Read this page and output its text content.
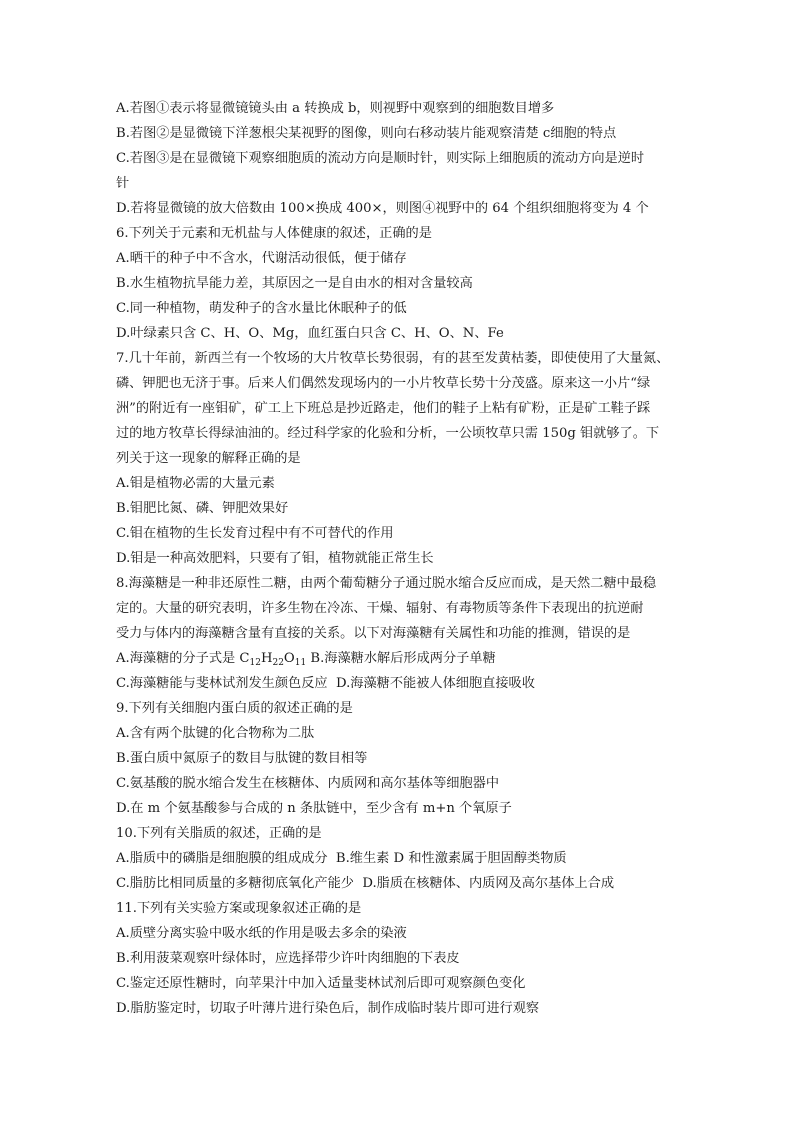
A.若图①表示将显微镜镜头由 a 转换成 b，则视野中观察到的细胞数目增多
B.若图②是显微镜下洋葱根尖某视野的图像，则向右移动装片能观察清楚 c细胞的特点
C.若图③是在显微镜下观察细胞质的流动方向是顺时针，则实际上细胞质的流动方向是逆时
针
D.若将显微镜的放大倍数由 100×换成 400×，则图④视野中的 64 个组织细胞将变为 4 个
6.下列关于元素和无机盐与人体健康的叙述，正确的是
A.晒干的种子中不含水，代谢活动很低，便于储存
B.水生植物抗旱能力差，其原因之一是自由水的相对含量较高
C.同一种植物，萌发种子的含水量比休眠种子的低
D.叶绿素只含 C、H、O、Mg，血红蛋白只含 C、H、O、N、Fe
7.几十年前，新西兰有一个牧场的大片牧草长势很弱，有的甚至发黄枯萎，即使使用了大量氮、
磷、钾肥也无济于事。后来人们偶然发现场内的一小片牧草长势十分茂盛。原来这一小片“绿
洲”的附近有一座钼矿，矿工上下班总是抄近路走，他们的鞋子上粘有矿粉，正是矿工鞋子踩
过的地方牧草长得绿油油的。经过科学家的化验和分析，一公顷牧草只需 150g 钼就够了。下
列关于这一现象的解释正确的是
A.钼是植物必需的大量元素
B.钼肥比氮、磷、钾肥效果好
C.钼在植物的生长发育过程中有不可替代的作用
D.钼是一种高效肥料，只要有了钼，植物就能正常生长
8.海藻糖是一种非还原性二糖，由两个葡萄糖分子通过脱水缩合反应而成，是天然二糖中最稳
定的。大量的研究表明，许多生物在冷冻、干燥、辐射、有毒物质等条件下表现出的抗逆耐
受力与体内的海藻糖含量有直接的关系。以下对海藻糖有关属性和功能的推测，错误的是
A.海藻糖的分子式是 $C_{12}H_{22}O_{11}$ B.海藻糖水解后形成两分子单糖
C.海藻糖能与斐林试剂发生颜色反应 D.海藻糖不能被人体细胞直接吸收
9.下列有关细胞内蛋白质的叙述正确的是
A.含有两个肽键的化合物称为二肽
B.蛋白质中氮原子的数目与肽键的数目相等
C.氨基酸的脱水缩合发生在核糖体、内质网和高尔基体等细胞器中
D.在 m 个氨基酸参与合成的 n 条肽链中，至少含有 m+n 个氧原子
10.下列有关脂质的叙述，正确的是
A.脂质中的磷脂是细胞膜的组成成分 B.维生素 D 和性激素属于胆固醇类物质
C.脂肪比相同质量的多糖彻底氧化产能少 D.脂质在核糖体、内质网及高尔基体上合成
11.下列有关实验方案或现象叙述正确的是
A.质壁分离实验中吸水纸的作用是吸去多余的染液
B.利用菠菜观察叶绿体时，应选择带少许叶肉细胞的下表皮
C.鉴定还原性糖时，向苹果汁中加入适量斐林试剂后即可观察颜色变化
D.脂肪鉴定时，切取子叶薄片进行染色后，制作成临时装片即可进行观察
